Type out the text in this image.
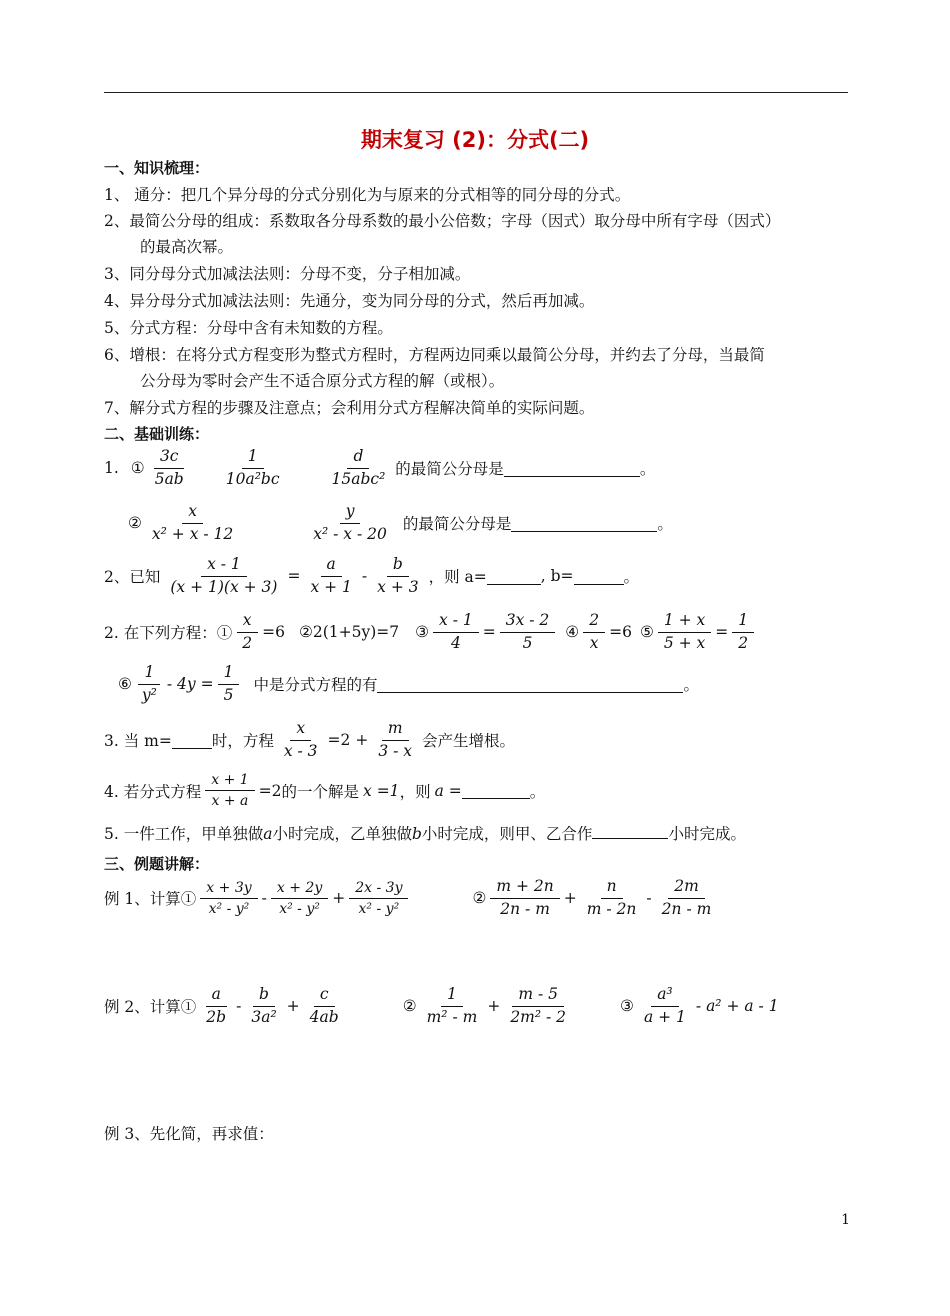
期末复习 (2)：分式(二)
一、知识梳理：
1、 通分：把几个异分母的分式分别化为与原来的分式相等的同分母的分式。
2、最简公分母的组成：系数取各分母系数的最小公倍数；字母（因式）取分母中所有字母（因式）
的最高次幂。
3、同分母分式加减法法则：分母不变，分子相加减。
4、异分母分式加减法法则：先通分，变为同分母的分式，然后再加减。
5、分式方程：分母中含有未知数的方程。
6、增根：在将分式方程变形为整式方程时，方程两边同乘以最简公分母，并约去了分母，当最简
公分母为零时会产生不适合原分式方程的解（或根）。
7、解分式方程的步骤及注意点；会利用分式方程解决简单的实际问题。
二、基础训练：
1. ① $\frac{3c}{5ab} \frac{1}{\text{10a²bc}}$	$\frac{d}{\text{15abc²}}$ 的最简公分母是	。
② $\frac{x}{\text{x² + x - 12}}$	$\frac{y}{\text{x² - x - 20}}$ 的最简公分母是	。
2、已知 $\frac{x - 1}{(x + 1)(x + 3)} = \frac{a}{x + 1} - \frac{b}{x + 3}$ ，则 a=	, b=	。
2. 在下列方程：① $\frac{x}{2} =6$ ②2(1+5y)=7 ③ $\frac{x - 1}{4} = \frac{3x - 2}{5}$ ④ $\frac{2}{x} =6$ ⑤ $\frac{1 + x}{5 + x} = \frac{1}{2}$
⑥ $\frac{1}{\text{y²}} - 4y = \frac{1}{5}$ 中是分式方程的有	。
3. 当 m=	时，方程 $\frac{x}{x - 3} =2 + \frac{m}{3 - x}$ 会产生增根。
4. 若分式方程 $\frac{x + 1}{x + a} =2$ 的一个解是 x =1 ，则 a =	。
5. 一件工作，甲单独做 a 小时完成，乙单独做 b 小时完成，则甲、乙合作	小时完成。
三、例题讲解：
例 1、计算① $\frac{x + 3y}{\text{x² - y²}} - \frac{x + 2y}{\text{x² - y²}} + \frac{2x - 3y}{\text{x² - y²}}$	② $\frac{m + 2n}{2n - m} + \frac{n}{m - 2n} - \frac{2m}{2n - m}$
例 2、计算① $\frac{a}{2b} - \frac{b}{\text{3a²}} + \frac{c}{4ab}$	② $\frac{1}{\text{m² - m}} + \frac{m - 5}{\text{2m² - 2}}$	③ $\frac{\text{a³}}{a + 1} - a^2 + a - 1$
例 3、先化简，再求值：
1
